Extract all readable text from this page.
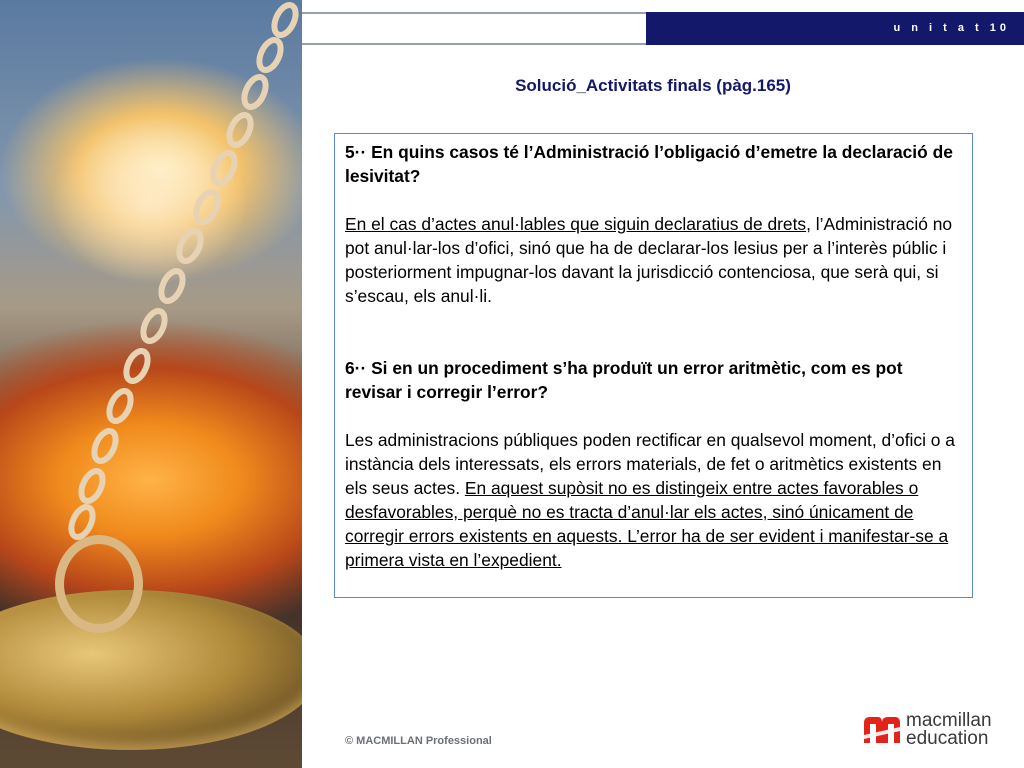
u n i t a t 10
Solució_Activitats finals (pàg.165)

5·· En quins casos té l’Administració l’obligació d’emetre la declaració de lesivitat?

En el cas d’actes anul·lables que siguin declaratius de drets, l’Administració no pot anul·lar-los d’ofici, sinó que ha de declarar-los lesius per a l’interès públic i posteriorment impugnar-los davant la jurisdicció contenciosa, que serà qui, si s’escau, els anul·li.

6·· Si en un procediment s’ha produït un error aritmètic, com es pot revisar i corregir l’error?

Les administracions públiques poden rectificar en qualsevol moment, d’ofici o a instància dels interessats, els errors materials, de fet o aritmètics existents en els seus actes. En aquest supòsit no es distingeix entre actes favorables o desfavorables, perquè no es tracta d’anul·lar els actes, sinó únicament de corregir errors existents en aquests. L’error ha de ser evident i manifestar-se a primera vista en l’expedient.

© MACMILLAN Professional
macmillan
education
